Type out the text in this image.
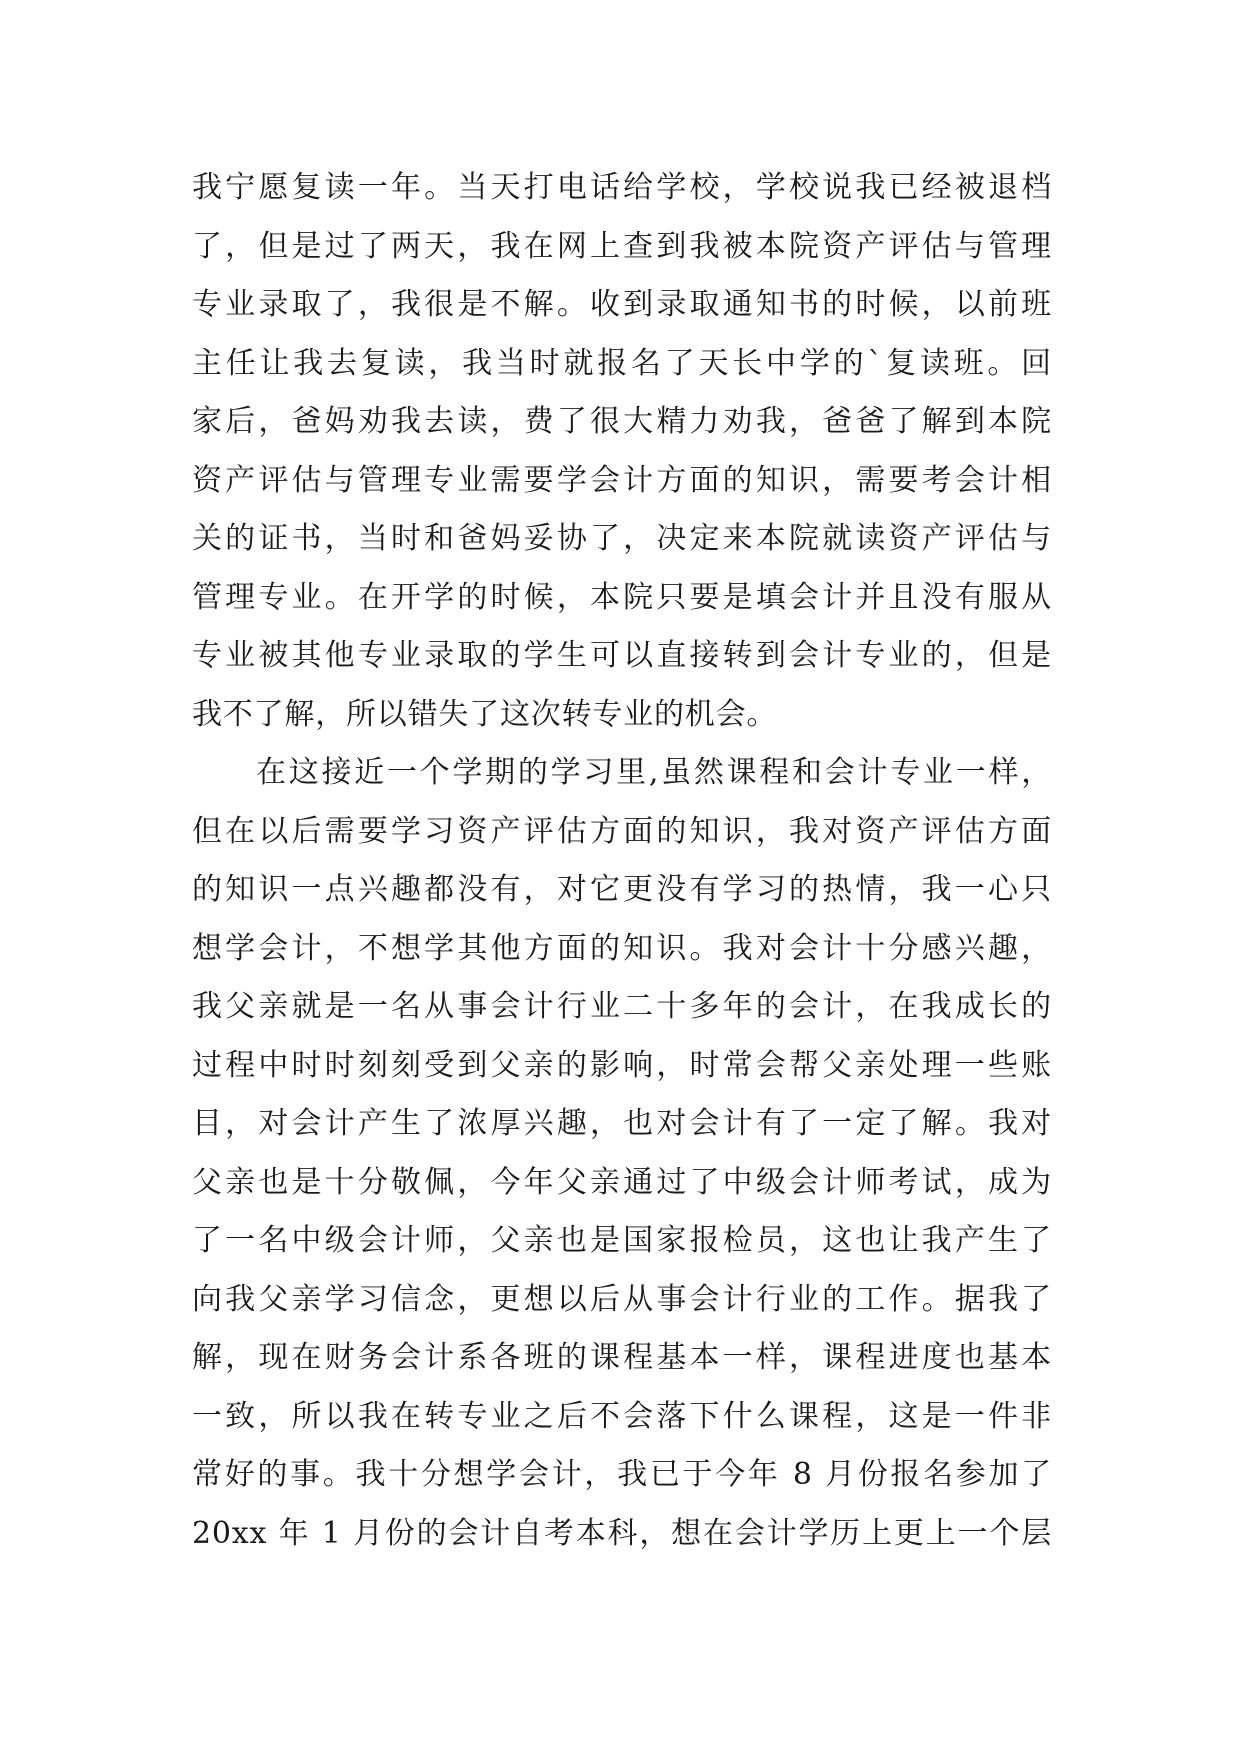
我宁愿复读一年。当天打电话给学校，学校说我已经被退档
了，但是过了两天，我在网上查到我被本院资产评估与管理
专业录取了，我很是不解。收到录取通知书的时候，以前班
主任让我去复读，我当时就报名了天长中学的`复读班。回
家后，爸妈劝我去读，费了很大精力劝我，爸爸了解到本院
资产评估与管理专业需要学会计方面的知识，需要考会计相
关的证书，当时和爸妈妥协了，决定来本院就读资产评估与
管理专业。在开学的时候，本院只要是填会计并且没有服从
专业被其他专业录取的学生可以直接转到会计专业的，但是
我不了解，所以错失了这次转专业的机会。
在这接近一个学期的学习里,虽然课程和会计专业一样，
但在以后需要学习资产评估方面的知识，我对资产评估方面
的知识一点兴趣都没有，对它更没有学习的热情，我一心只
想学会计，不想学其他方面的知识。我对会计十分感兴趣，
我父亲就是一名从事会计行业二十多年的会计，在我成长的
过程中时时刻刻受到父亲的影响，时常会帮父亲处理一些账
目，对会计产生了浓厚兴趣，也对会计有了一定了解。我对
父亲也是十分敬佩，今年父亲通过了中级会计师考试，成为
了一名中级会计师，父亲也是国家报检员，这也让我产生了
向我父亲学习信念，更想以后从事会计行业的工作。据我了
解，现在财务会计系各班的课程基本一样，课程进度也基本
一致，所以我在转专业之后不会落下什么课程，这是一件非
常好的事。我十分想学会计，我已于今年 8 月份报名参加了
20xx 年 1 月份的会计自考本科，想在会计学历上更上一个层
